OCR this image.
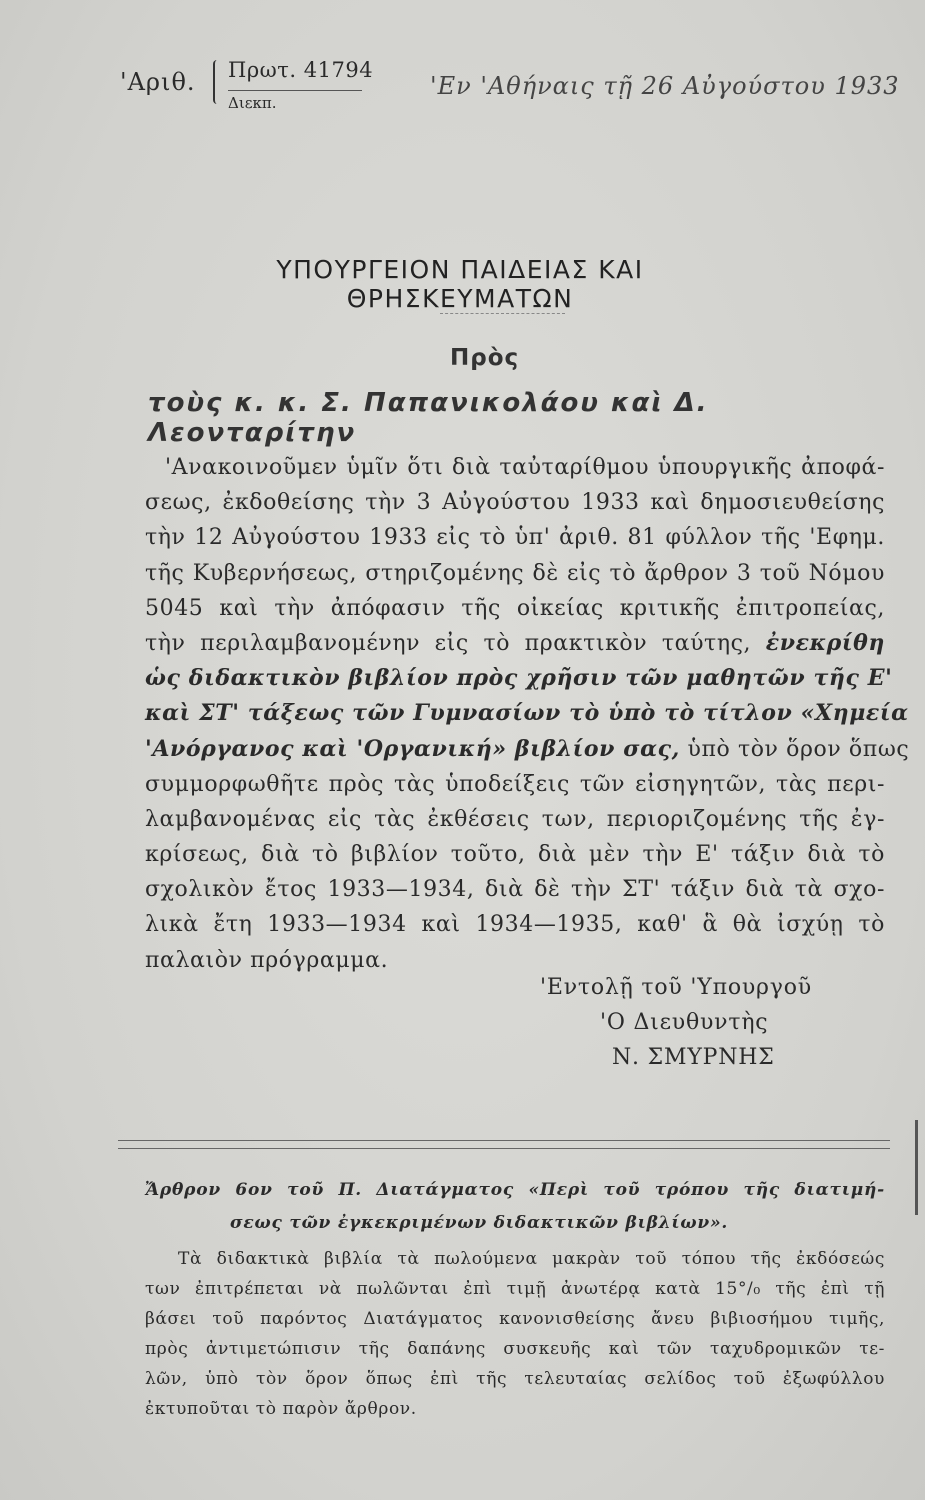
'Αριθ. Πρωτ. 41794
Διεκπ.
'Εν 'Αθήναις τῇ 26 Αὐγούστου 1933
ΥΠΟΥΡΓΕΙΟΝ ΠΑΙΔΕΙΑΣ ΚΑΙ ΘΡΗΣΚΕΥΜΑΤΩΝ
Πρὸς
τοὺς κ. κ. Σ. Παπανικολάου καὶ Δ. Λεονταρίτην
'Ανακοινοῦμεν ὑμῖν ὅτι διὰ ταὐταρίθμου ὑπουργικῆς ἀποφά-
σεως, ἐκδοθείσης τὴν 3 Αὐγούστου 1933 καὶ δημοσιευθείσης
τὴν 12 Αὐγούστου 1933 εἰς τὸ ὑπ' ἀριθ. 81 φύλλον τῆς 'Εφημ.
τῆς Κυβερνήσεως, στηριζομένης δὲ εἰς τὸ ἄρθρον 3 τοῦ Νόμου
5045 καὶ τὴν ἀπόφασιν τῆς οἰκείας κριτικῆς ἐπιτροπείας,
τὴν περιλαμβανομένην εἰς τὸ πρακτικὸν ταύτης, ἐνεκρίθη
ὡς διδακτικὸν βιβλίον πρὸς χρῆσιν τῶν μαθητῶν τῆς Ε'
καὶ ΣΤ' τάξεως τῶν Γυμνασίων τὸ ὑπὸ τὸ τίτλον «Χημεία
'Ανόργανος καὶ 'Οργανική» βιβλίον σας, ὑπὸ τὸν ὅρον ὅπως
συμμορφωθῆτε πρὸς τὰς ὑποδείξεις τῶν εἰσηγητῶν, τὰς περι-
λαμβανομένας εἰς τὰς ἐκθέσεις των, περιοριζομένης τῆς ἐγ-
κρίσεως, διὰ τὸ βιβλίον τοῦτο, διὰ μὲν τὴν Ε' τάξιν διὰ τὸ
σχολικὸν ἔτος 1933—1934, διὰ δὲ τὴν ΣΤ' τάξιν διὰ τὰ σχο-
λικὰ ἔτη 1933—1934 καὶ 1934—1935, καθ' ἃ θὰ ἰσχύῃ τὸ
παλαιὸν πρόγραμμα.
'Εντολῇ τοῦ 'Υπουργοῦ
'Ο Διευθυντὴς
Ν. ΣΜΥΡΝΗΣ
Ἄρθρον 6ον τοῦ Π. Διατάγματος «Περὶ τοῦ τρόπου τῆς διατιμή-
σεως τῶν ἐγκεκριμένων διδακτικῶν βιβλίων».
Τὰ διδακτικὰ βιβλία τὰ πωλούμενα μακρὰν τοῦ τόπου τῆς ἐκδόσεώς
των ἐπιτρέπεται νὰ πωλῶνται ἐπὶ τιμῇ ἀνωτέρᾳ κατὰ 15°/₀ τῆς ἐπὶ τῇ
βάσει τοῦ παρόντος Διατάγματος κανονισθείσης ἄνευ βιβιοσήμου τιμῆς,
πρὸς ἀντιμετώπισιν τῆς δαπάνης συσκευῆς καὶ τῶν ταχυδρομικῶν τε-
λῶν, ὑπὸ τὸν ὅρον ὅπως ἐπὶ τῆς τελευταίας σελίδος τοῦ ἐξωφύλλου
ἐκτυποῦται τὸ παρὸν ἄρθρον.
